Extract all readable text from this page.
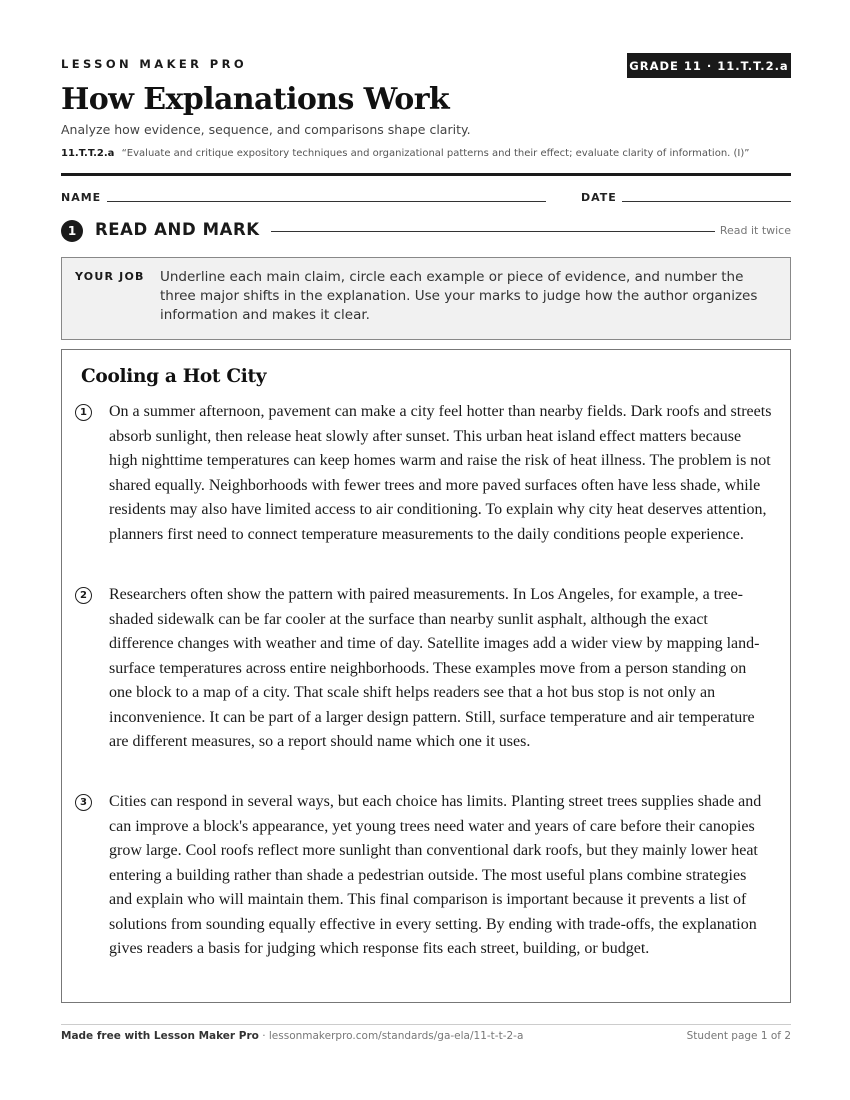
LESSON MAKER PRO	GRADE 11 · 11.T.T.2.a
How Explanations Work
Analyze how evidence, sequence, and comparisons shape clarity.
11.T.T.2.a “Evaluate and critique expository techniques and organizational patterns and their effect; evaluate clarity of information. (I)”
NAME	DATE
1	READ AND MARK	Read it twice
YOUR JOB Underline each main claim, circle each example or piece of evidence, and number the three major shifts in the explanation. Use your marks to judge how the author organizes information and makes it clear.
Cooling a Hot City
1	On a summer afternoon, pavement can make a city feel hotter than nearby fields. Dark roofs and streets absorb sunlight, then release heat slowly after sunset. This urban heat island effect matters because high nighttime temperatures can keep homes warm and raise the risk of heat illness. The problem is not shared equally. Neighborhoods with fewer trees and more paved surfaces often have less shade, while residents may also have limited access to air conditioning. To explain why city heat deserves attention, planners first need to connect temperature measurements to the daily conditions people experience.

2	Researchers often show the pattern with paired measurements. In Los Angeles, for example, a tree-shaded sidewalk can be far cooler at the surface than nearby sunlit asphalt, although the exact difference changes with weather and time of day. Satellite images add a wider view by mapping land-surface temperatures across entire neighborhoods. These examples move from a person standing on one block to a map of a city. That scale shift helps readers see that a hot bus stop is not only an inconvenience. It can be part of a larger design pattern. Still, surface temperature and air temperature are different measures, so a report should name which one it uses.

3	Cities can respond in several ways, but each choice has limits. Planting street trees supplies shade and can improve a block's appearance, yet young trees need water and years of care before their canopies grow large. Cool roofs reflect more sunlight than conventional dark roofs, but they mainly lower heat entering a building rather than shade a pedestrian outside. The most useful plans combine strategies and explain who will maintain them. This final comparison is important because it prevents a list of solutions from sounding equally effective in every setting. By ending with trade-offs, the explanation gives readers a basis for judging which response fits each street, building, or budget.

Made free with Lesson Maker Pro · lessonmakerpro.com/standards/ga-ela/11-t-t-2-a	Student page 1 of 2
